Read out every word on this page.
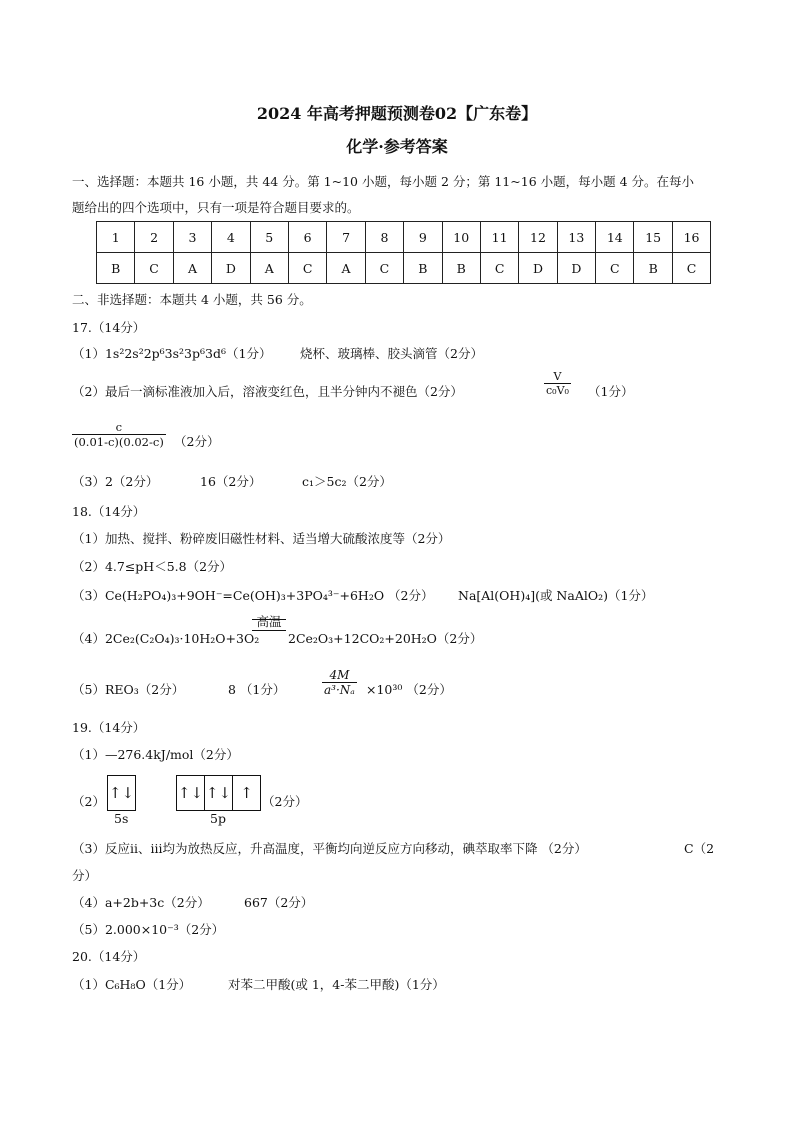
2024 年高考押题预测卷02【广东卷】
化学·参考答案
一、选择题：本题共 16 小题，共 44 分。第 1~10 小题，每小题 2 分；第 11~16 小题，每小题 4 分。在每小
题给出的四个选项中，只有一项是符合题目要求的。
1	2	3	4	5	6	7	8	9	10	11	12	13	14	15	16
B	C	A	D	A	C	A	C	B	B	C	D	D	C	B	C
二、非选择题：本题共 4 小题，共 56 分。
17.（14分）
（1）1s²2s²2p⁶3s²3p⁶3d⁶（1分） 烧杯、玻璃棒、胶头滴管（2分）
（2）最后一滴标准液加入后，溶液变红色，且半分钟内不褪色（2分）	$\frac{V}{\text{c₀V₀}} (1$分）
$\frac{c}{(0.01-c)(0.02-c)} (2$分）
（3）2（2分）	16（2分）	c₁＞5c₂（2分）
18.（14分）
（1）加热、搅拌、粉碎废旧磁性材料、适当增大硫酸浓度等（2分）
（2）4.7≤pH＜5.8（2分）
（3）Ce(H₂PO₄)₃+9OH⁻=Ce(OH)₃+3PO₄³⁻+6H₂O （2分） Na[Al(OH)₄](或 NaAlO₂)（1分）
（4）2Ce₂(C₂O₄)₃·10H₂O+3O₂
高温
2Ce₂O₃+12CO₂+20H₂O（2分）
（5）REO₃（2分）	8 （1分）	$\frac{4M}{\text{a³·Nₐ}} \times 10^{30}$ （2分）
19.（14分）
（1）—276.4kJ/mol（2分）
（2） ↑↓	↑↓ ↑↓ ↑
5s	5p
（2分）
（3）反应ⅱ、ⅲ均为放热反应，升高温度，平衡均向逆反应方向移动，碘萃取率下降 （2分）	C（2
分）
（4）a+2b+3c（2分）	667（2分）
（5）2.000×10⁻³（2分）
20.（14分）
（1）C₆H₈O（1分）	对苯二甲酸(或 1，4-苯二甲酸)（1分）
